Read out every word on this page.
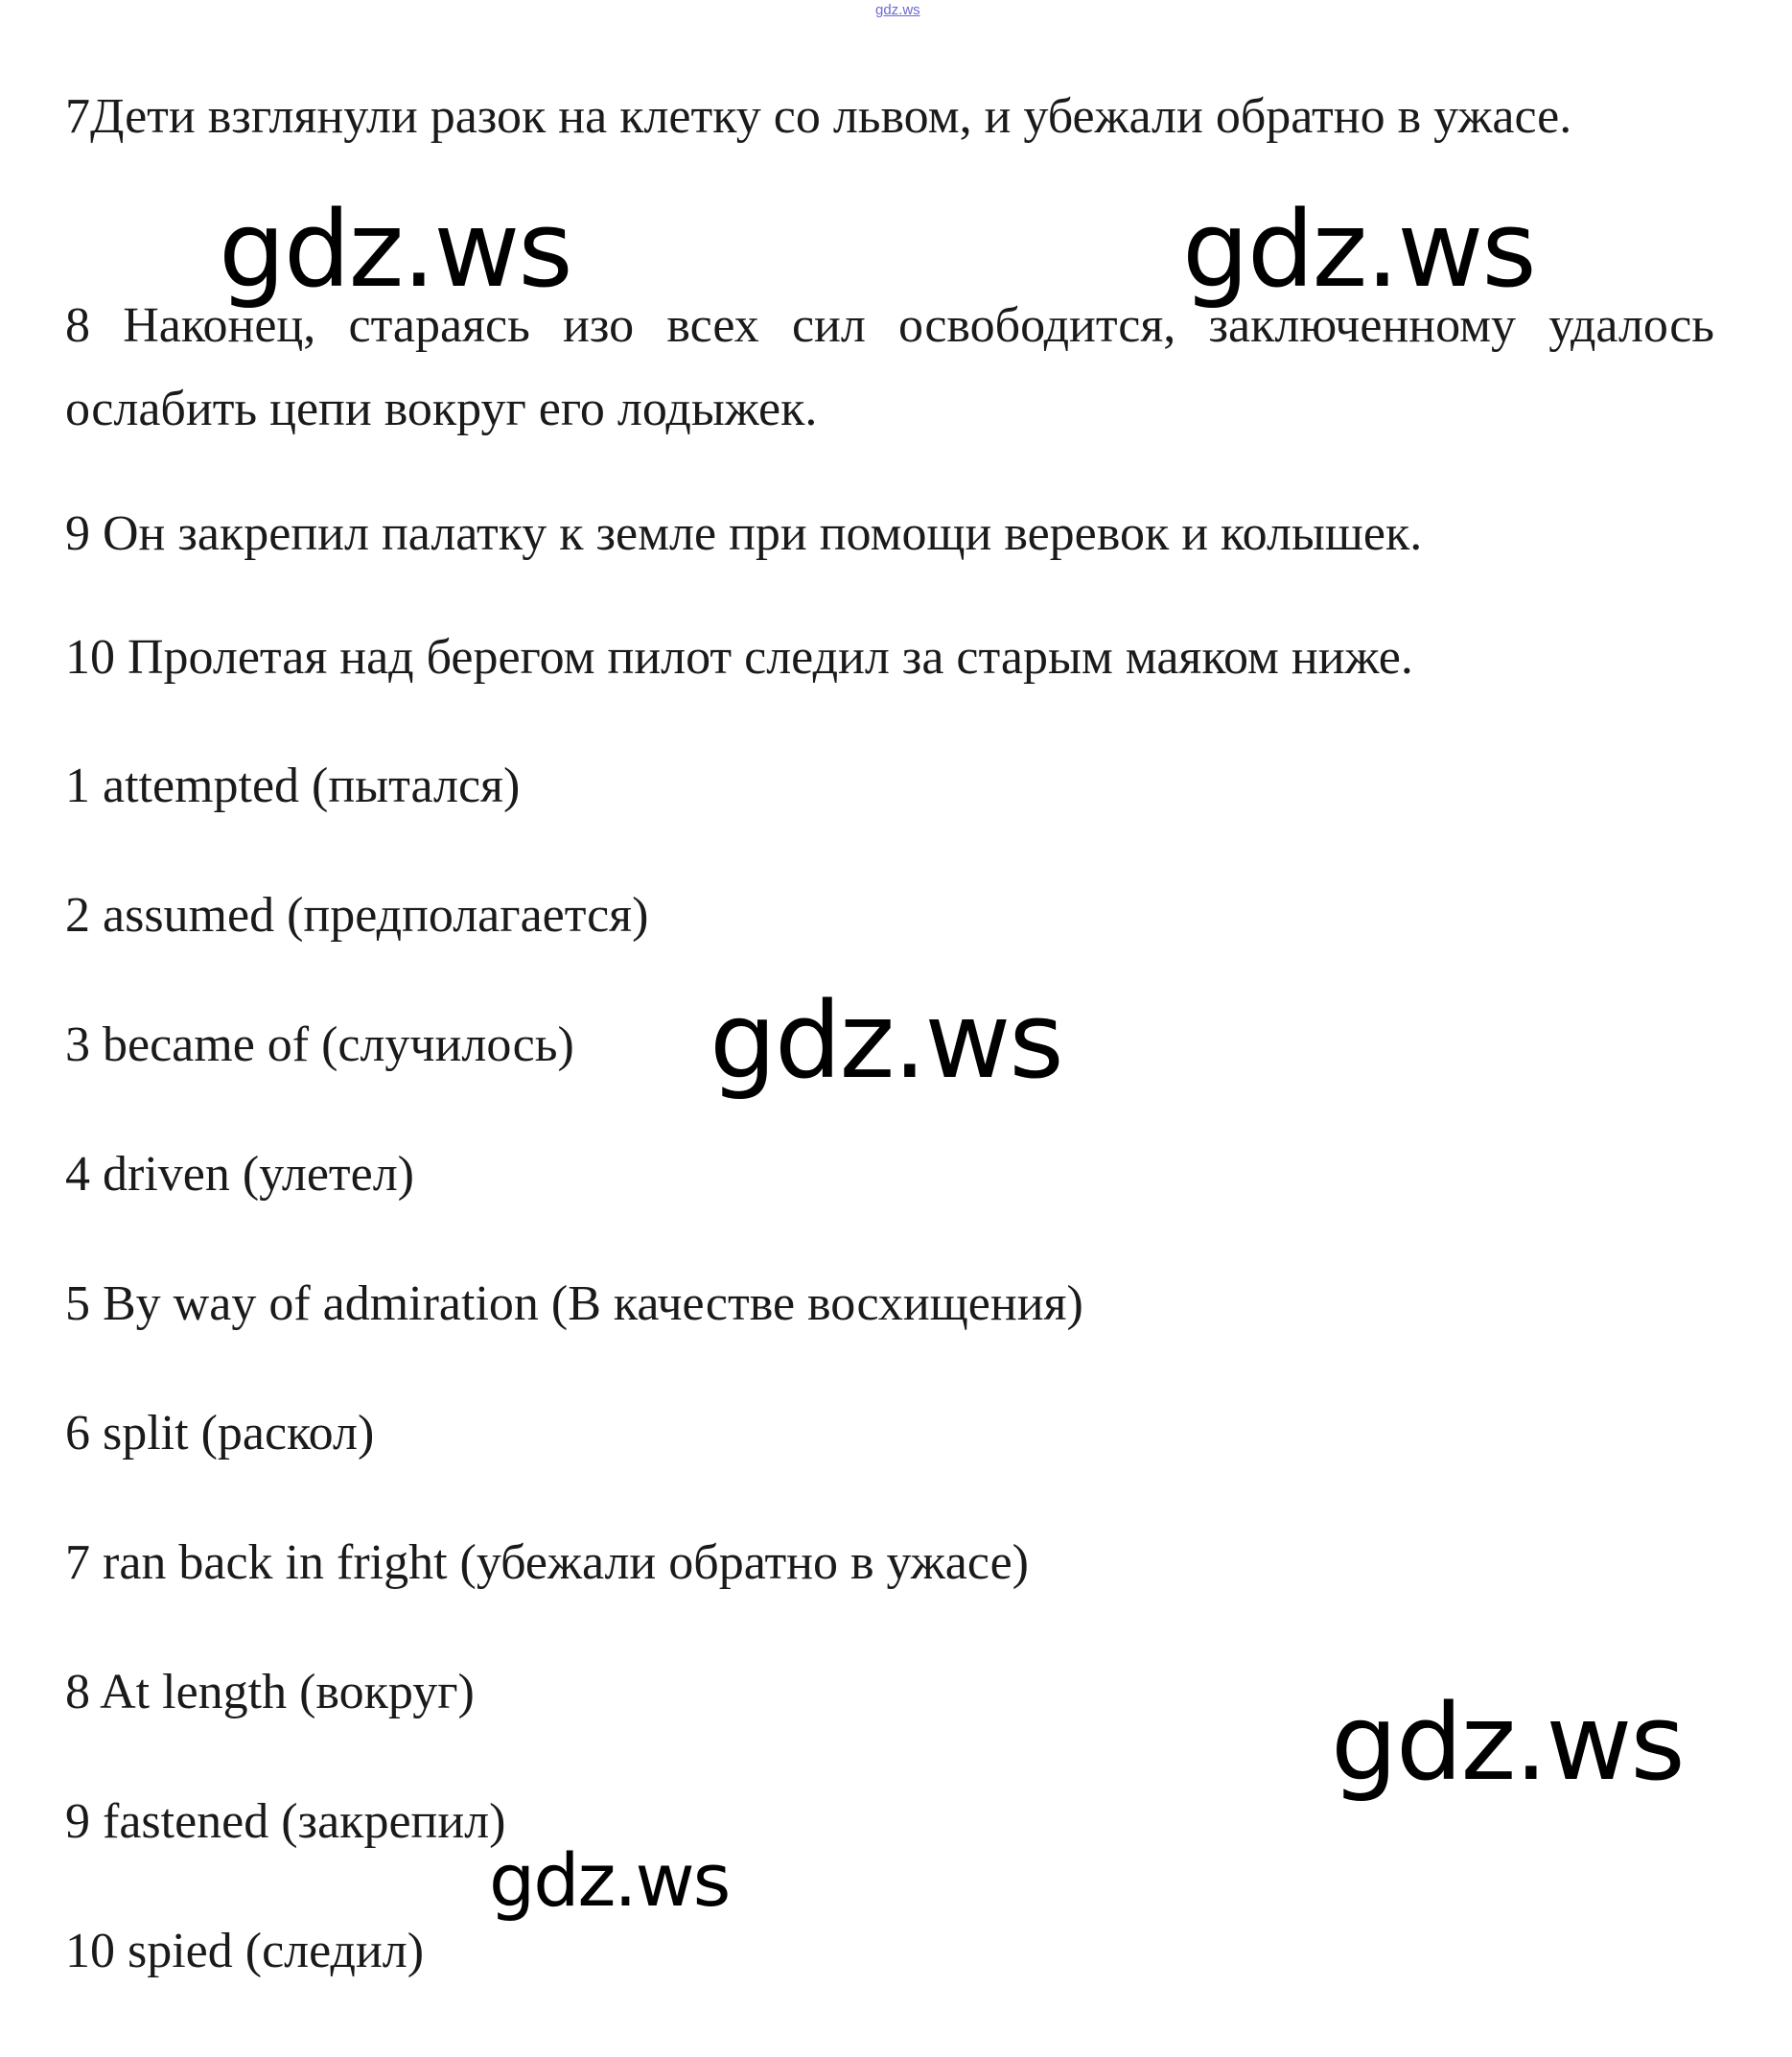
gdz.ws

7Дети взглянули разок на клетку со львом, и убежали обратно в ужасе.

8 Наконец, стараясь изо всех сил освободится, заключенному удалось ослабить цепи вокруг его лодыжек.

9 Он закрепил палатку к земле при помощи веревок и колышек.

10 Пролетая над берегом пилот следил за старым маяком ниже.

1 attempted (пытался)

2 assumed (предполагается)

3 became of (случилось)

4 driven (улетел)

5 By way of admiration (В качестве восхищения)

6 split (раскол)

7 ran back in fright (убежали обратно в ужасе)

8 At length (вокруг)

9 fastened (закрепил)

10 spied (следил)

gdz.ws	gdz.ws
gdz.ws
gdz.ws
gdz.ws
